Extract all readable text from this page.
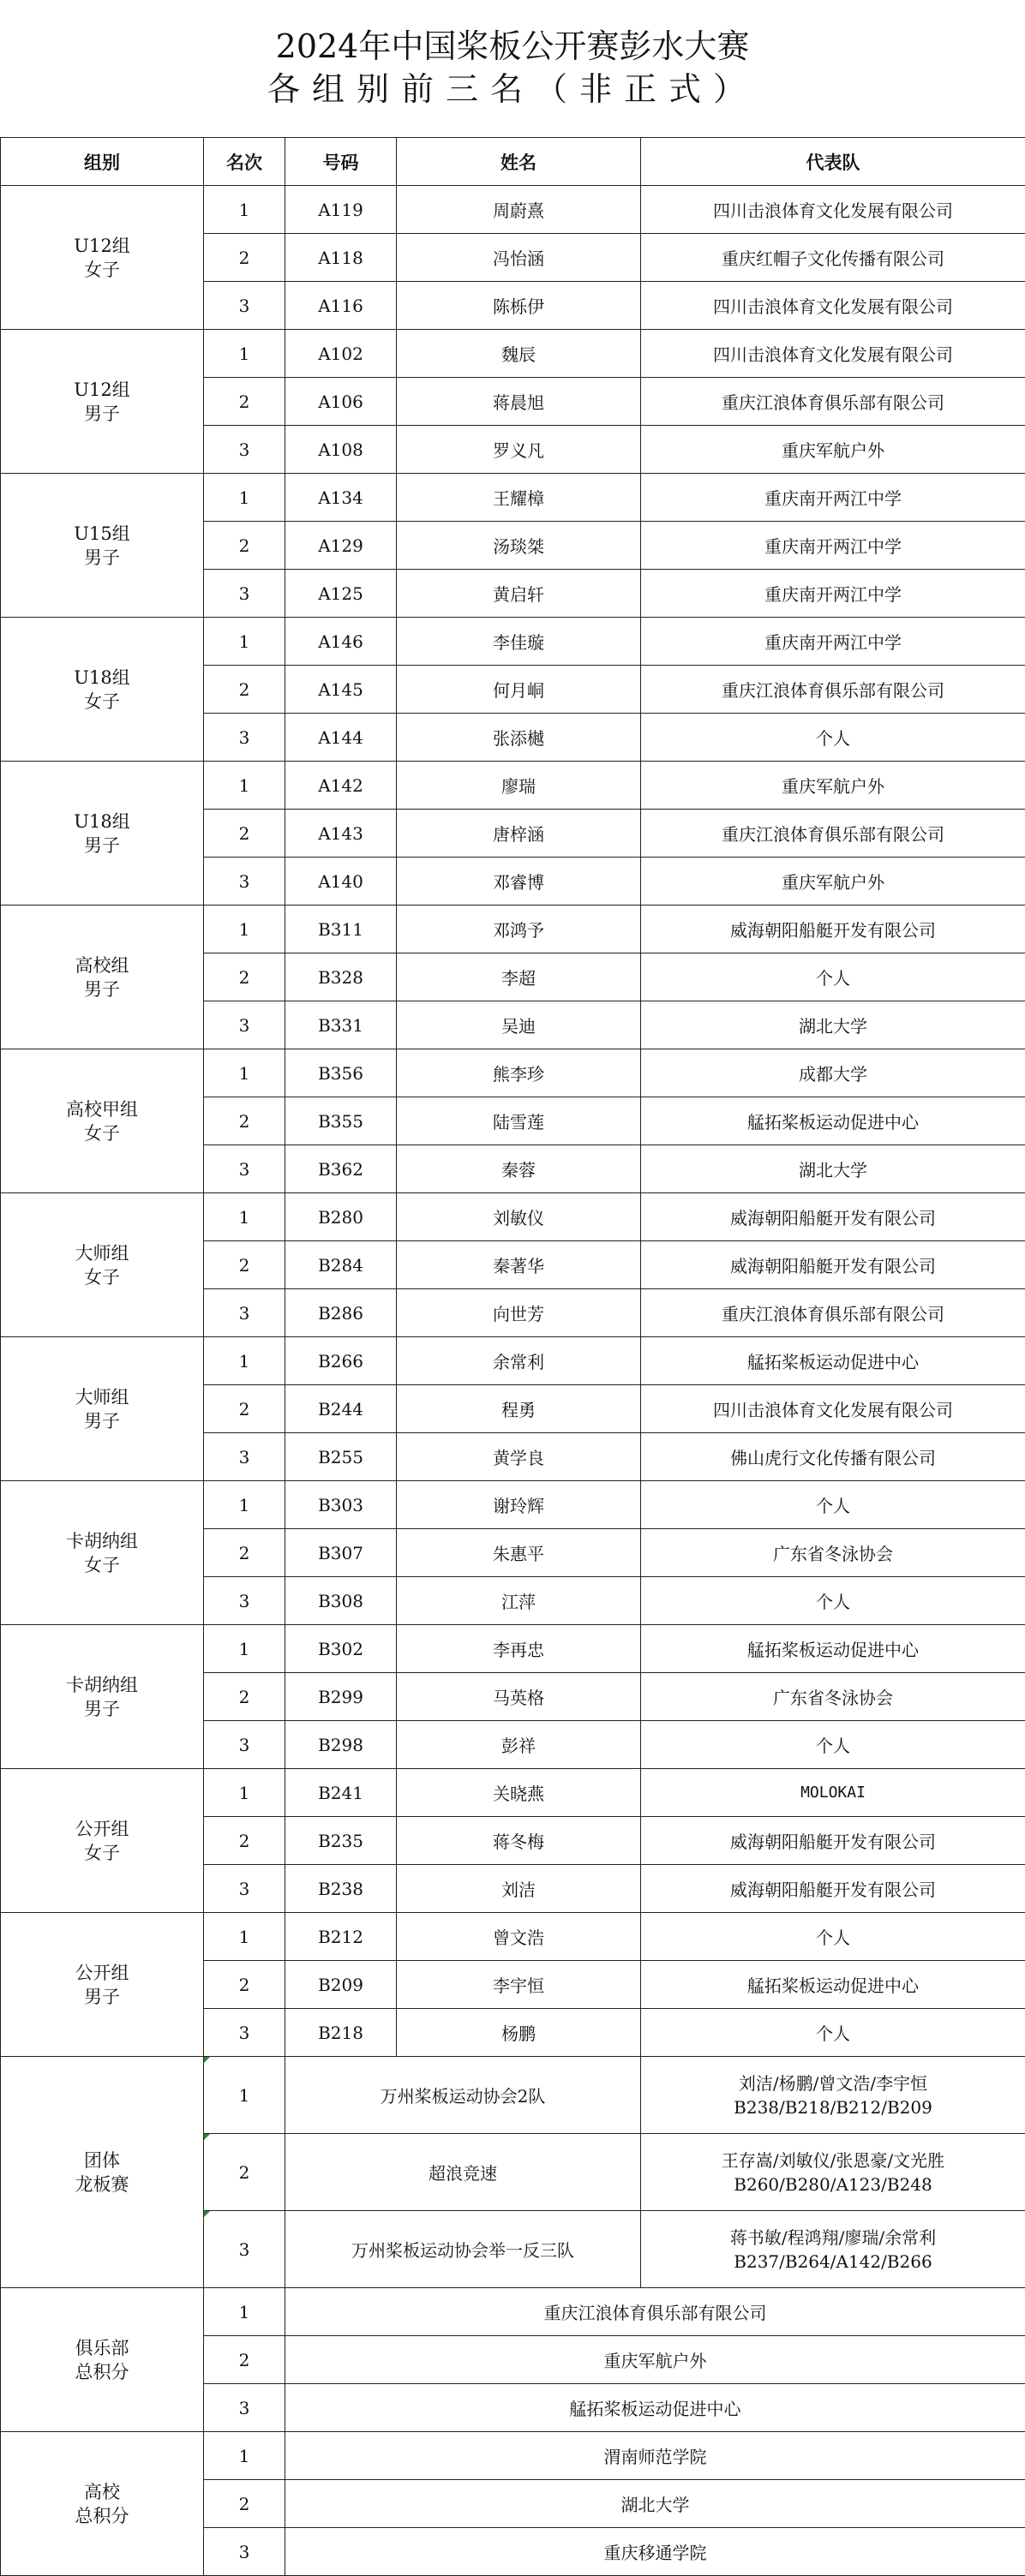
2024年中国桨板公开赛彭水大赛
各组别前三名（非正式）
组别	名次	号码	姓名	代表队

U12组
女子	1	A119	周蔚熹	四川击浪体育文化发展有限公司
	2	A118	冯怡涵	重庆红帽子文化传播有限公司
	3	A116	陈栎伊	四川击浪体育文化发展有限公司

U12组
男子	1	A102	魏辰	四川击浪体育文化发展有限公司
	2	A106	蒋晨旭	重庆江浪体育俱乐部有限公司
	3	A108	罗义凡	重庆军航户外

U15组
男子	1	A134	王耀樟	重庆南开两江中学
	2	A129	汤琰桀	重庆南开两江中学
	3	A125	黄启轩	重庆南开两江中学

U18组
女子	1	A146	李佳璇	重庆南开两江中学
	2	A145	何月峒	重庆江浪体育俱乐部有限公司
	3	A144	张添樾	个人

U18组
男子	1	A142	廖瑞	重庆军航户外
	2	A143	唐梓涵	重庆江浪体育俱乐部有限公司
	3	A140	邓睿博	重庆军航户外

高校组
男子	1	B311	邓鸿予	威海朝阳船艇开发有限公司
	2	B328	李超	个人
	3	B331	吴迪	湖北大学

高校甲组
女子	1	B356	熊李珍	成都大学
	2	B355	陆雪莲	艋拓桨板运动促进中心
	3	B362	秦蓉	湖北大学

大师组
女子	1	B280	刘敏仪	威海朝阳船艇开发有限公司
	2	B284	秦著华	威海朝阳船艇开发有限公司
	3	B286	向世芳	重庆江浪体育俱乐部有限公司

大师组
男子	1	B266	余常利	艋拓桨板运动促进中心
	2	B244	程勇	四川击浪体育文化发展有限公司
	3	B255	黄学良	佛山虎行文化传播有限公司

卡胡纳组
女子	1	B303	谢玲辉	个人
	2	B307	朱惠平	广东省冬泳协会
	3	B308	江萍	个人

卡胡纳组
男子	1	B302	李再忠	艋拓桨板运动促进中心
	2	B299	马英格	广东省冬泳协会
	3	B298	彭祥	个人

公开组
女子	1	B241	关晓燕	MOLOKAI
	2	B235	蒋冬梅	威海朝阳船艇开发有限公司
	3	B238	刘洁	威海朝阳船艇开发有限公司

公开组
男子	1	B212	曾文浩	个人
	2	B209	李宇恒	艋拓桨板运动促进中心
	3	B218	杨鹏	个人

团体
龙板赛	1	万州桨板运动协会2队		刘洁/杨鹏/曾文浩/李宇恒
B238/B218/B212/B209

	2	超浪竞速		王存嵩/刘敏仪/张恩豪/文光胜
B260/B280/A123/B248

	3	万州桨板运动协会举一反三队		蒋书敏/程鸿翔/廖瑞/余常利
B237/B264/A142/B266

俱乐部
总积分	1	重庆江浪体育俱乐部有限公司		
	2	重庆军航户外		
	3	艋拓桨板运动促进中心		

高校
总积分	1	渭南师范学院		
	2	湖北大学		
	3	重庆移通学院		
